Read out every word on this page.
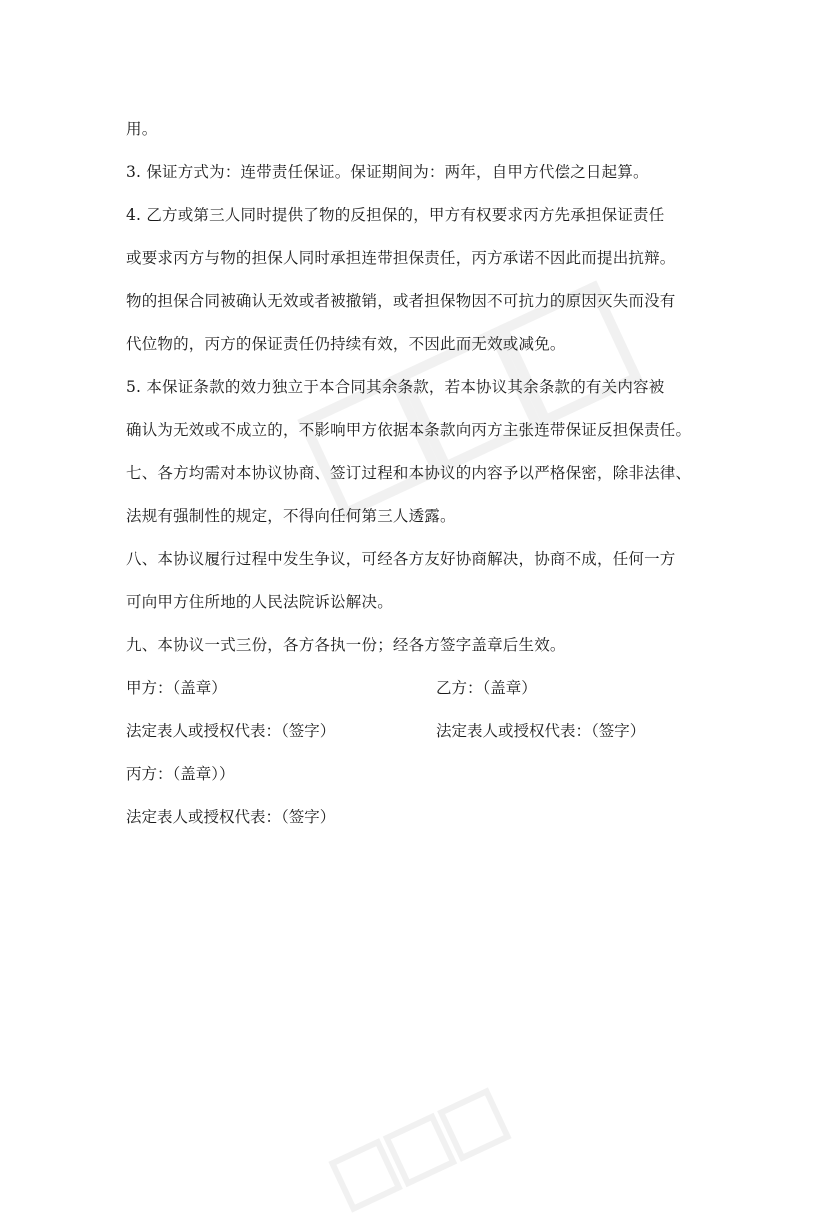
用。
3. 保证方式为：连带责任保证。保证期间为：两年，自甲方代偿之日起算。
4. 乙方或第三人同时提供了物的反担保的，甲方有权要求丙方先承担保证责任
或要求丙方与物的担保人同时承担连带担保责任，丙方承诺不因此而提出抗辩。
物的担保合同被确认无效或者被撤销，或者担保物因不可抗力的原因灭失而没有
代位物的，丙方的保证责任仍持续有效，不因此而无效或减免。
5. 本保证条款的效力独立于本合同其余条款，若本协议其余条款的有关内容被
确认为无效或不成立的，不影响甲方依据本条款向丙方主张连带保证反担保责任。
七、各方均需对本协议协商、签订过程和本协议的内容予以严格保密，除非法律、
法规有强制性的规定，不得向任何第三人透露。
八、本协议履行过程中发生争议，可经各方友好协商解决，协商不成，任何一方
可向甲方住所地的人民法院诉讼解决。
九、本协议一式三份，各方各执一份；经各方签字盖章后生效。
甲方：（盖章）	乙方：（盖章）
法定表人或授权代表：（签字）	法定表人或授权代表：（签字）
丙方：（盖章））
法定表人或授权代表：（签字）
